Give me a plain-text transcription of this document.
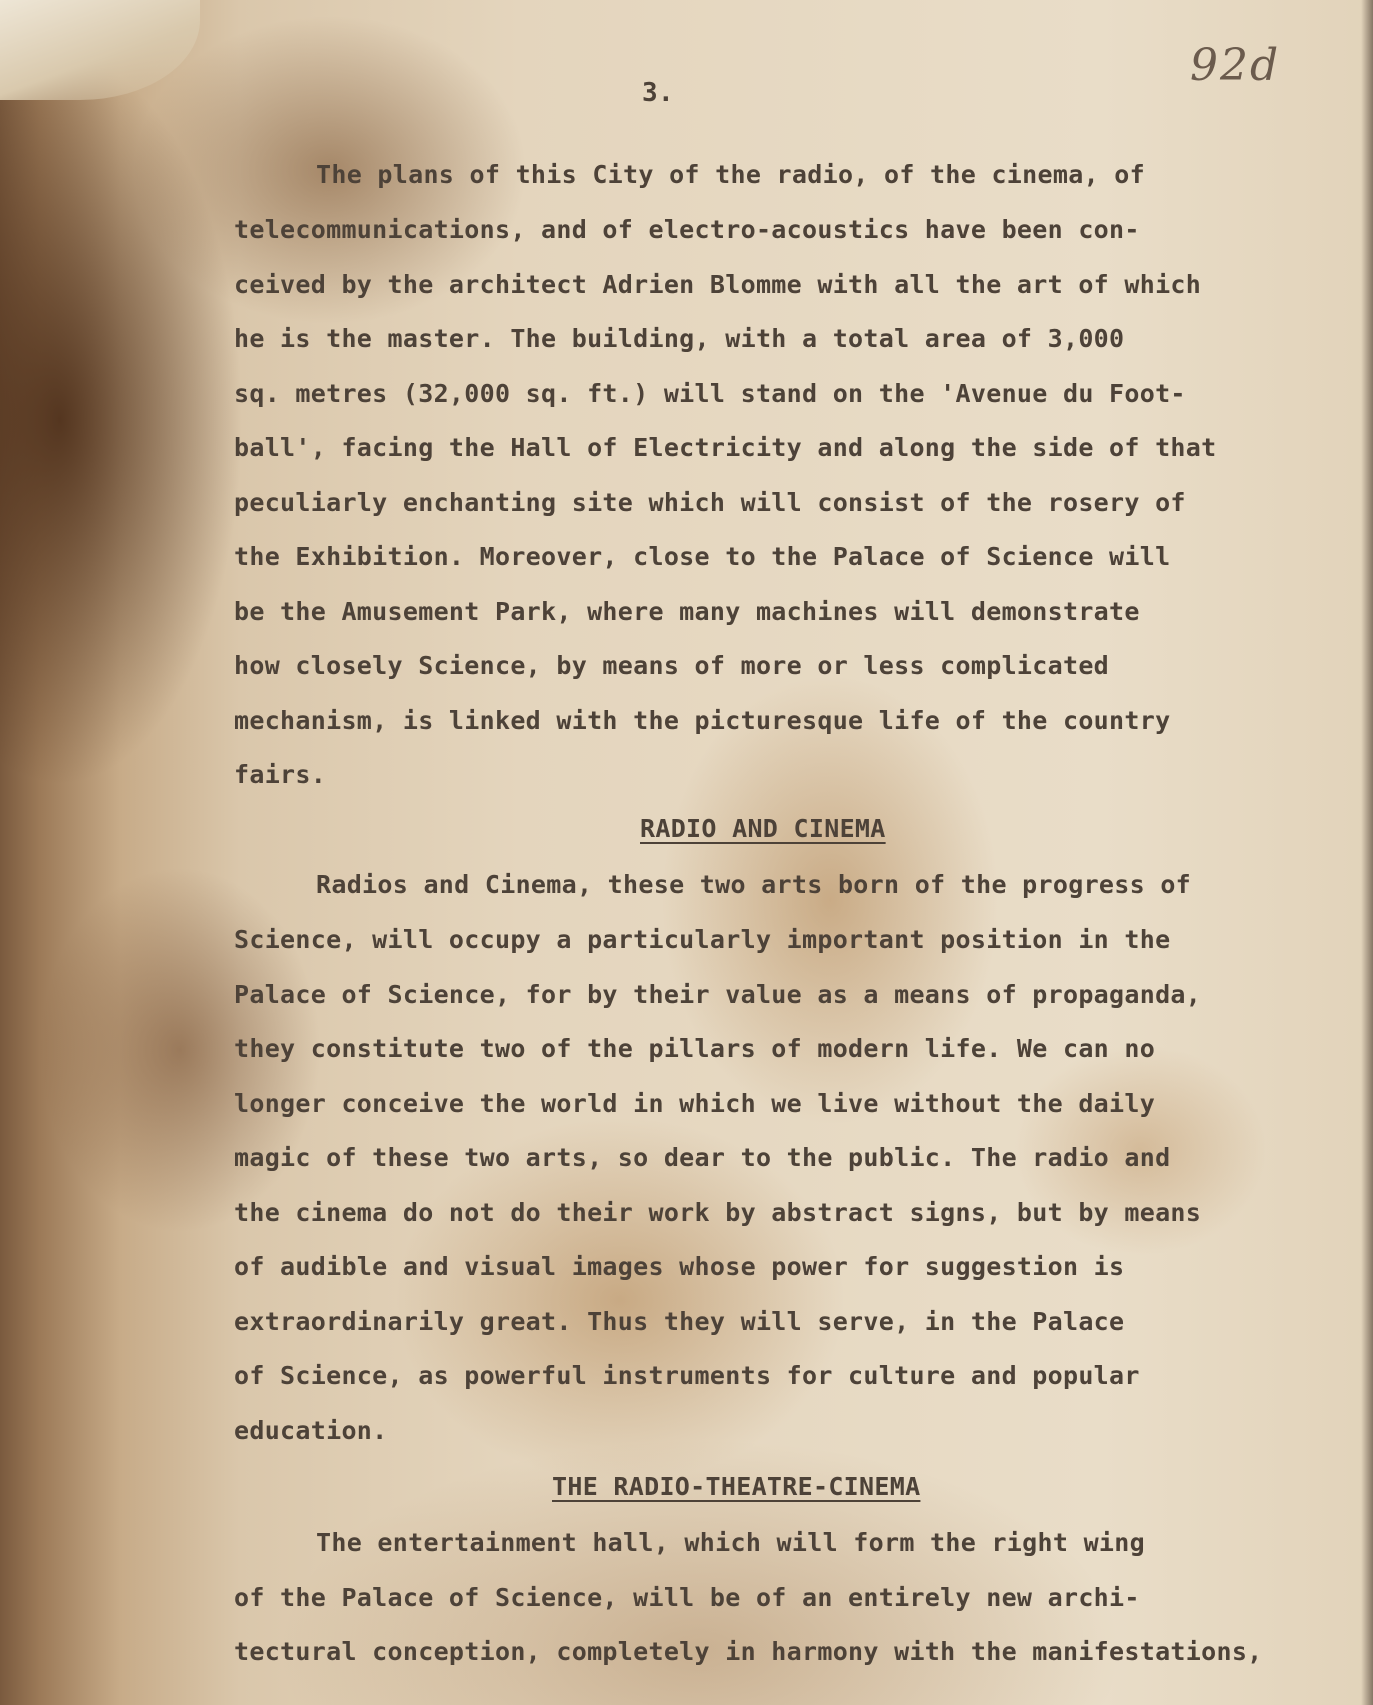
92d
3.
The plans of this City of the radio, of the cinema, of
telecommunications, and of electro-acoustics have been con-
ceived by the architect Adrien Blomme with all the art of which
he is the master. The building, with a total area of 3,000
sq. metres (32,000 sq. ft.) will stand on the 'Avenue du Foot-
ball', facing the Hall of Electricity and along the side of that
peculiarly enchanting site which will consist of the rosery of
the Exhibition. Moreover, close to the Palace of Science will
be the Amusement Park, where many machines will demonstrate
how closely Science, by means of more or less complicated
mechanism, is linked with the picturesque life of the country
fairs.
RADIO AND CINEMA
Radios and Cinema, these two arts born of the progress of
Science, will occupy a particularly important position in the
Palace of Science, for by their value as a means of propaganda,
they constitute two of the pillars of modern life. We can no
longer conceive the world in which we live without the daily
magic of these two arts, so dear to the public. The radio and
the cinema do not do their work by abstract signs, but by means
of audible and visual images whose power for suggestion is
extraordinarily great. Thus they will serve, in the Palace
of Science, as powerful instruments for culture and popular
education.
THE RADIO-THEATRE-CINEMA
The entertainment hall, which will form the right wing
of the Palace of Science, will be of an entirely new archi-
tectural conception, completely in harmony with the manifestations,
